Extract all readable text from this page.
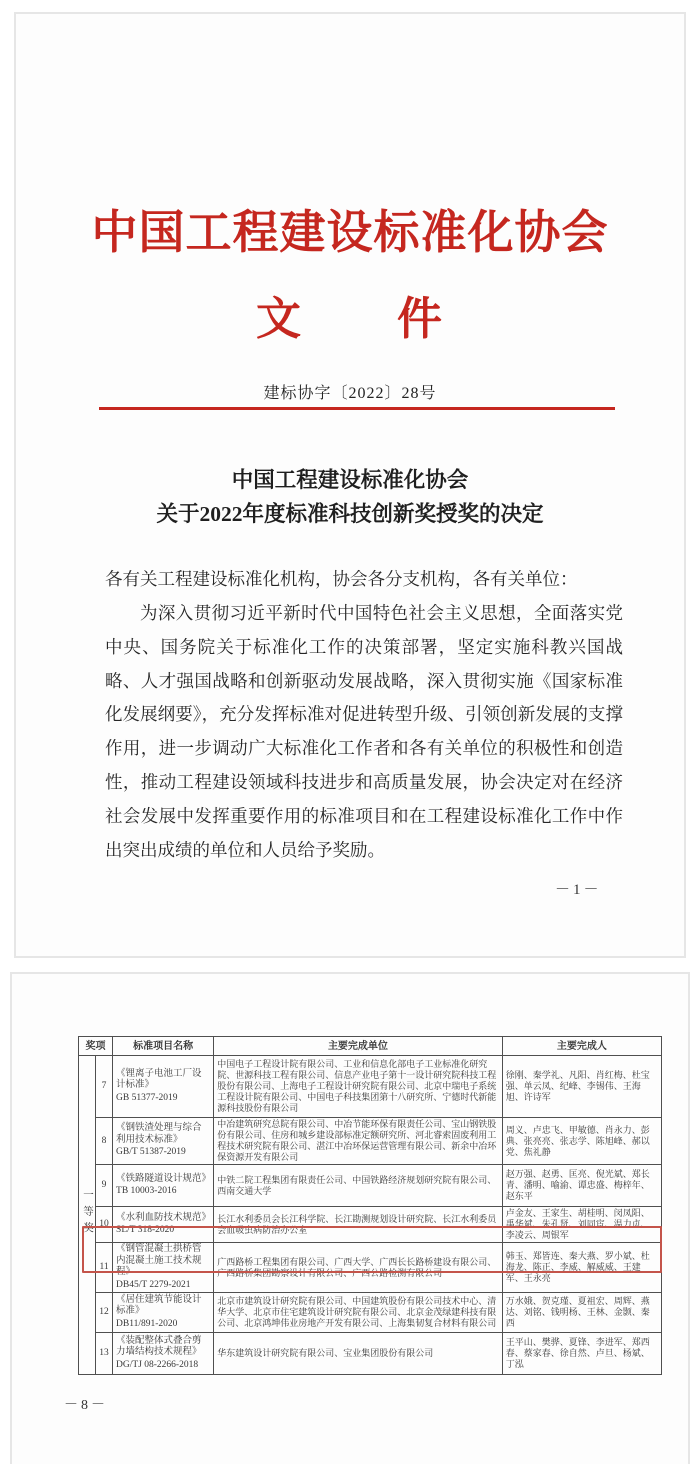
中国工程建设标准化协会
文　　件
建标协字〔2022〕28号
中国工程建设标准化协会
关于2022年度标准科技创新奖授奖的决定
各有关工程建设标准化机构，协会各分支机构，各有关单位：
为深入贯彻习近平新时代中国特色社会主义思想，全面落实党中央、国务院关于标准化工作的决策部署，坚定实施科教兴国战略、人才强国战略和创新驱动发展战略，深入贯彻实施《国家标准化发展纲要》，充分发挥标准对促进转型升级、引领创新发展的支撑作用，进一步调动广大标准化工作者和各有关单位的积极性和创造性，推动工程建设领域科技进步和高质量发展，协会决定对在经济社会发展中发挥重要作用的标准项目和在工程建设标准化工作中作出突出成绩的单位和人员给予奖励。
－1－
奖项		标准项目名称	主要完成单位	主要完成人
一等奖	7	《锂离子电池工厂设计标准》
GB 51377-2019	中国电子工程设计院有限公司、工业和信息化部电子工业标准化研究院、世源科技工程有限公司、信息产业电子第十一设计研究院科技工程股份有限公司、上海电子工程设计研究院有限公司、北京中瑞电子系统工程设计院有限公司、中国电子科技集团第十八研究所、宁德时代新能源科技股份有限公司	徐刚、秦学礼、凡阳、肖红梅、杜宝强、单云凤、纪峰、李锡伟、王海旭、许诗军
	8	《钢铁渣处理与综合利用技术标准》
GB/T 51387-2019	中冶建筑研究总院有限公司、中冶节能环保有限责任公司、宝山钢铁股份有限公司、住房和城乡建设部标准定额研究所、河北睿索固废利用工程技术研究院有限公司、湛江中冶环保运营管理有限公司、新余中冶环保资源开发有限公司	周义、卢忠飞、甲敏德、肖永力、彭典、张亮亮、张志学、陈旭峰、郝以党、焦礼静
	9	《铁路隧道设计规范》
TB 10003-2016	中铁二院工程集团有限责任公司、中国铁路经济规划研究院有限公司、西南交通大学	赵万强、赵勇、匡亮、倪光斌、郑长青、潘明、喻渝、谭忠盛、梅梓年、赵东平
	10	《水利血防技术规范》
SL/T 318-2020	长江水利委员会长江科学院、长江勘测规划设计研究院、长江水利委员会血吸虫病防治办公室	卢金友、王家生、胡桂明、闵凤阳、禹华斌、朱孔贤、刘同宦、温力贞、李凌云、周银军
	11	《钢管混凝土拱桥管内混凝土施工技术规程》
DB45/T 2279-2021	广西路桥工程集团有限公司、广西大学、广西长长路桥建设有限公司、广西路桥集团勘察设计有限公司、广西公路检测有限公司	韩玉、郑皆连、秦大燕、罗小斌、杜海龙、陈正、李威、解威威、王建军、王永亮
	12	《居住建筑节能设计标准》
DB11/891-2020	北京市建筑设计研究院有限公司、中国建筑股份有限公司技术中心、清华大学、北京市住宅建筑设计研究院有限公司、北京金茂绿建科技有限公司、北京鸿坤伟业房地产开发有限公司、上海集韧复合材料有限公司	万水娥、贺克瑾、夏祖宏、周辉、燕达、刘铭、钱明杨、王林、金颢、秦西
	13	《装配整体式叠合剪力墙结构技术规程》
DG/TJ 08-2266-2018	华东建筑设计研究院有限公司、宝业集团股份有限公司	王平山、樊骅、夏锋、李进军、郑西春、蔡家春、徐自然、卢旦、杨斌、丁泓
－8－
